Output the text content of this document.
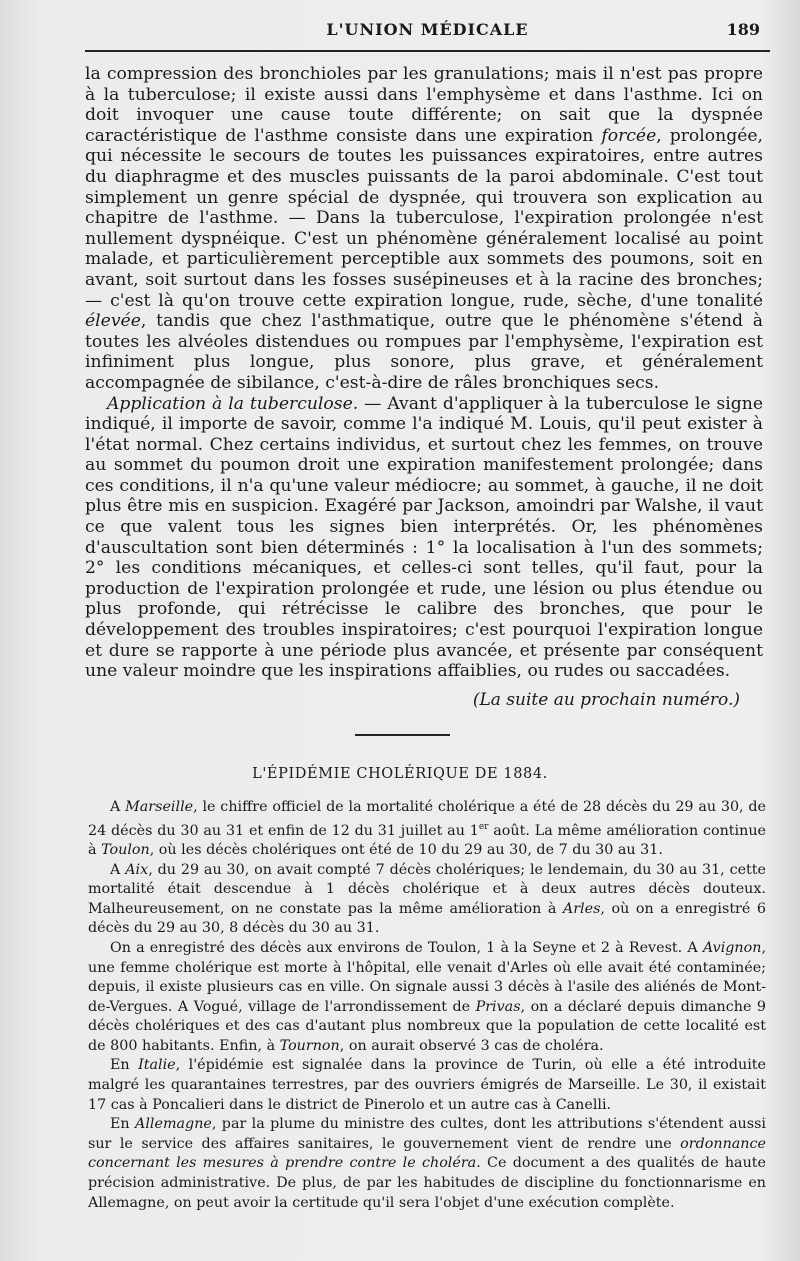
L'UNION MÉDICALE	189

la compression des bronchioles par les granulations; mais il n'est pas propre à la tuberculose; il existe aussi dans l'emphysème et dans l'asthme. Ici on doit invoquer une cause toute différente; on sait que la dyspnée caractéristique de l'asthme consiste dans une expiration forcée, prolongée, qui nécessite le secours de toutes les puissances expiratoires, entre autres du diaphragme et des muscles puissants de la paroi abdominale. C'est tout simplement un genre spécial de dyspnée, qui trouvera son explication au chapitre de l'asthme. — Dans la tuberculose, l'expiration prolongée n'est nullement dyspnéique. C'est un phénomène généralement localisé au point malade, et particulièrement perceptible aux sommets des poumons, soit en avant, soit surtout dans les fosses susépineuses et à la racine des bronches; — c'est là qu'on trouve cette expiration longue, rude, sèche, d'une tonalité élevée, tandis que chez l'asthmatique, outre que le phénomène s'étend à toutes les alvéoles distendues ou rompues par l'emphysème, l'expiration est infiniment plus longue, plus sonore, plus grave, et généralement accompagnée de sibilance, c'est-à-dire de râles bronchiques secs.

Application à la tuberculose. — Avant d'appliquer à la tuberculose le signe indiqué, il importe de savoir, comme l'a indiqué M. Louis, qu'il peut exister à l'état normal. Chez certains individus, et surtout chez les femmes, on trouve au sommet du poumon droit une expiration manifestement prolongée; dans ces conditions, il n'a qu'une valeur médiocre; au sommet, à gauche, il ne doit plus être mis en suspicion. Exagéré par Jackson, amoindri par Walshe, il vaut ce que valent tous les signes bien interprétés. Or, les phénomènes d'auscultation sont bien déterminés : 1° la localisation à l'un des sommets; 2° les conditions mécaniques, et celles-ci sont telles, qu'il faut, pour la production de l'expiration prolongée et rude, une lésion ou plus étendue ou plus profonde, qui rétrécisse le calibre des bronches, que pour le développement des troubles inspiratoires; c'est pourquoi l'expiration longue et dure se rapporte à une période plus avancée, et présente par conséquent une valeur moindre que les inspirations affaiblies, ou rudes ou saccadées.

(La suite au prochain numéro.)
L'ÉPIDÉMIE CHOLÉRIQUE DE 1884.

A Marseille, le chiffre officiel de la mortalité cholérique a été de 28 décès du 29 au 30, de 24 décès du 30 au 31 et enfin de 12 du 31 juillet au 1er août. La même amélioration continue à Toulon, où les décès cholériques ont été de 10 du 29 au 30, de 7 du 30 au 31.

A Aix, du 29 au 30, on avait compté 7 décès cholériques; le lendemain, du 30 au 31, cette mortalité était descendue à 1 décès cholérique et à deux autres décès douteux. Malheureusement, on ne constate pas la même amélioration à Arles, où on a enregistré 6 décès du 29 au 30, 8 décès du 30 au 31.

On a enregistré des décès aux environs de Toulon, 1 à la Seyne et 2 à Revest. A Avignon, une femme cholérique est morte à l'hôpital, elle venait d'Arles où elle avait été contaminée; depuis, il existe plusieurs cas en ville. On signale aussi 3 décès à l'asile des aliénés de Mont-de-Vergues. A Vogué, village de l'arrondissement de Privas, on a déclaré depuis dimanche 9 décès cholériques et des cas d'autant plus nombreux que la population de cette localité est de 800 habitants. Enfin, à Tournon, on aurait observé 3 cas de choléra.

En Italie, l'épidémie est signalée dans la province de Turin, où elle a été introduite malgré les quarantaines terrestres, par des ouvriers émigrés de Marseille. Le 30, il existait 17 cas à Poncalieri dans le district de Pinerolo et un autre cas à Canelli.

En Allemagne, par la plume du ministre des cultes, dont les attributions s'étendent aussi sur le service des affaires sanitaires, le gouvernement vient de rendre une ordonnance concernant les mesures à prendre contre le choléra. Ce document a des qualités de haute précision administrative. De plus, de par les habitudes de discipline du fonctionnarisme en Allemagne, on peut avoir la certitude qu'il sera l'objet d'une exécution complète.
